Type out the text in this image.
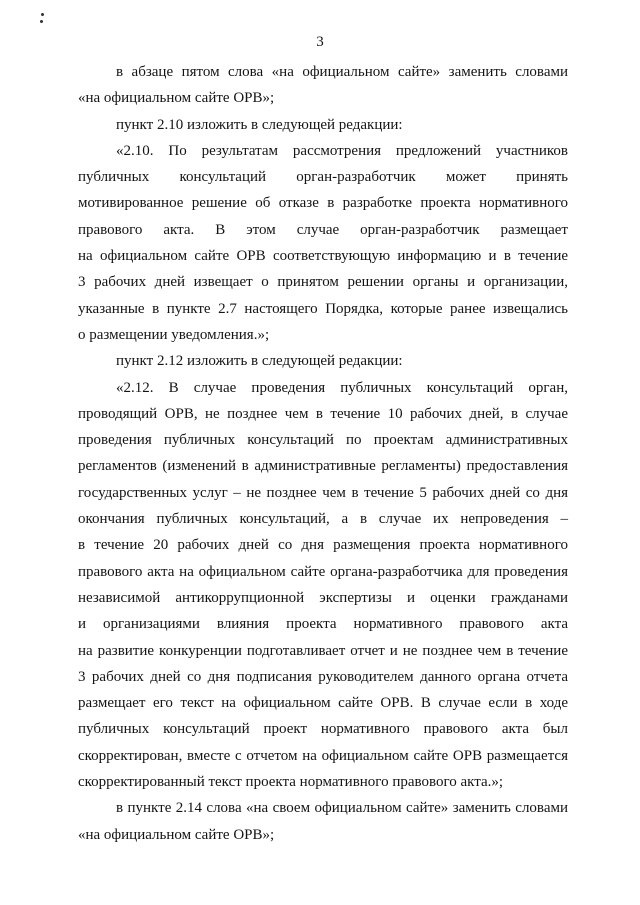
3
в абзаце пятом слова «на официальном сайте» заменить словами
«на официальном сайте ОРВ»;
пункт 2.10 изложить в следующей редакции:
«2.10. По результатам рассмотрения предложений участников
публичных консультаций орган-разработчик может принять
мотивированное решение об отказе в разработке проекта нормативного
правового акта. В этом случае орган-разработчик размещает
на официальном сайте ОРВ соответствующую информацию и в течение
3 рабочих дней извещает о принятом решении органы и организации,
указанные в пункте 2.7 настоящего Порядка, которые ранее извещались
о размещении уведомления.»;
пункт 2.12 изложить в следующей редакции:
«2.12. В случае проведения публичных консультаций орган,
проводящий ОРВ, не позднее чем в течение 10 рабочих дней, в случае
проведения публичных консультаций по проектам административных
регламентов (изменений в административные регламенты) предоставления
государственных услуг – не позднее чем в течение 5 рабочих дней со дня
окончания публичных консультаций, а в случае их непроведения –
в течение 20 рабочих дней со дня размещения проекта нормативного
правового акта на официальном сайте органа-разработчика для проведения
независимой антикоррупционной экспертизы и оценки гражданами
и организациями влияния проекта нормативного правового акта
на развитие конкуренции подготавливает отчет и не позднее чем в течение
3 рабочих дней со дня подписания руководителем данного органа отчета
размещает его текст на официальном сайте ОРВ. В случае если в ходе
публичных консультаций проект нормативного правового акта был
скорректирован, вместе с отчетом на официальном сайте ОРВ размещается
скорректированный текст проекта нормативного правового акта.»;
в пункте 2.14 слова «на своем официальном сайте» заменить словами
«на официальном сайте ОРВ»;
